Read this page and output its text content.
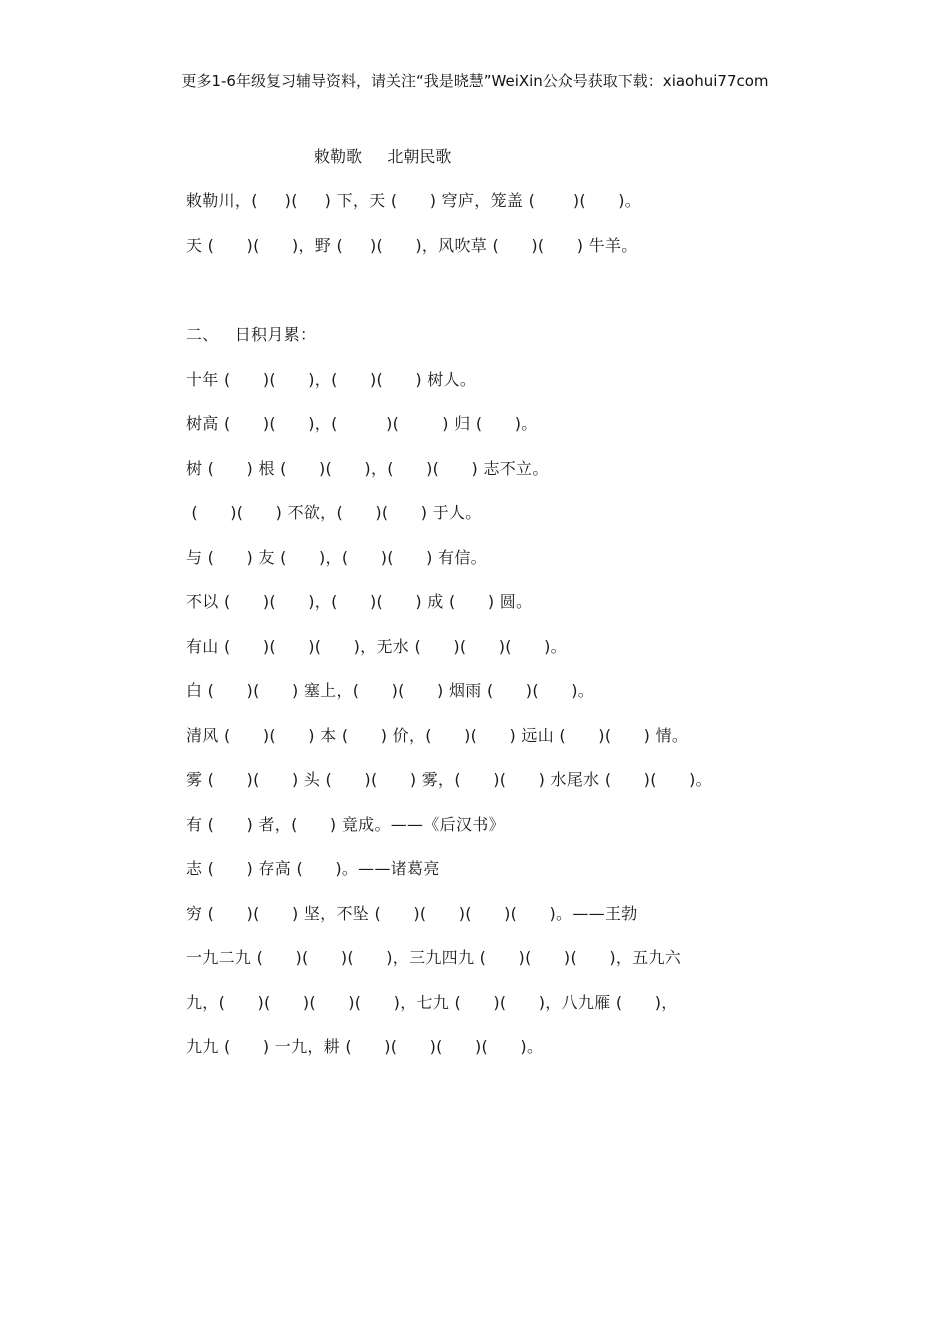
更多1-6年级复习辅导资料，请关注“我是晓慧”WeiXin公众号获取下载：xiaohui77com
敕勒歌     北朝民歌
敕勒川，(     )(     ) 下，天 (      ) 穹庐，笼盖 (       )(      )。
天 (      )(      )，野 (     )(      )，风吹草 (      )(      ) 牛羊。
二、   日积月累：
十年 (      )(      )，(      )(      ) 树人。
树高 (      )(      )，(         )(        ) 归 (      )。
树 (      ) 根 (      )(      )，(      )(      ) 志不立。
(      )(      ) 不欲，(      )(      ) 于人。
与 (      ) 友 (      )，(      )(      ) 有信。
不以 (      )(      )，(      )(      ) 成 (      ) 圆。
有山 (      )(      )(      )，无水 (      )(      )(      )。
白 (      )(      ) 塞上，(      )(      ) 烟雨 (      )(      )。
清风 (      )(      ) 本 (      ) 价，(      )(      ) 远山 (      )(      ) 情。
雾 (      )(      ) 头 (      )(      ) 雾，(      )(      ) 水尾水 (      )(      )。
有 (      ) 者，(      ) 竟成。——《后汉书》
志 (      ) 存高 (      )。——诸葛亮
穷 (      )(      ) 坚，不坠 (      )(      )(      )(      )。——王勃
一九二九 (      )(      )(      )，三九四九 (      )(      )(      )，五九六
九，(      )(      )(      )(      )，七九 (      )(      )，八九雁 (      )，
九九 (      ) 一九，耕 (      )(      )(      )(      )。
